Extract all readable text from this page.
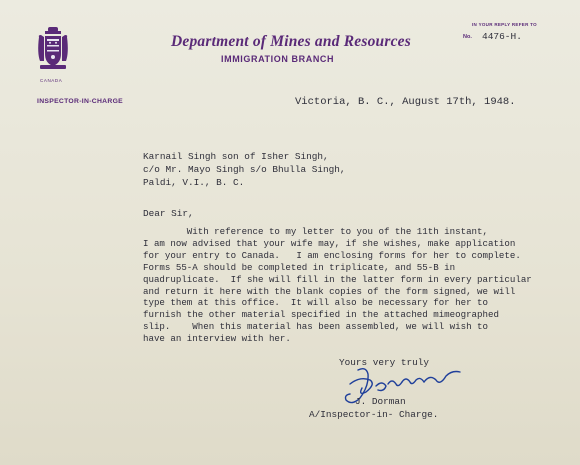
CANADA
INSPECTOR-IN-CHARGE
Department of Mines and Resources
IMMIGRATION BRANCH
IN YOUR REPLY REFER TO
No. 4476-H.
Victoria, B. C., August 17th, 1948.
Karnail Singh son of Isher Singh,
c/o Mr. Mayo Singh s/o Bhulla Singh,
Paldi, V.I., B. C.
Dear Sir,
With reference to my letter to you of the 11th instant,
I am now advised that your wife may, if she wishes, make application
for your entry to Canada.   I am enclosing forms for her to complete.
Forms 55-A should be completed in triplicate, and 55-B in
quadruplicate.  If she will fill in the latter form in every particular
and return it here with the blank copies of the form signed, we will
type them at this office.  It will also be necessary for her to
furnish the other material specified in the attached mimeographed
slip.    When this material has been assembled, we will wish to
have an interview with her.
Yours very truly
J. Dorman
A/Inspector-in- Charge.
